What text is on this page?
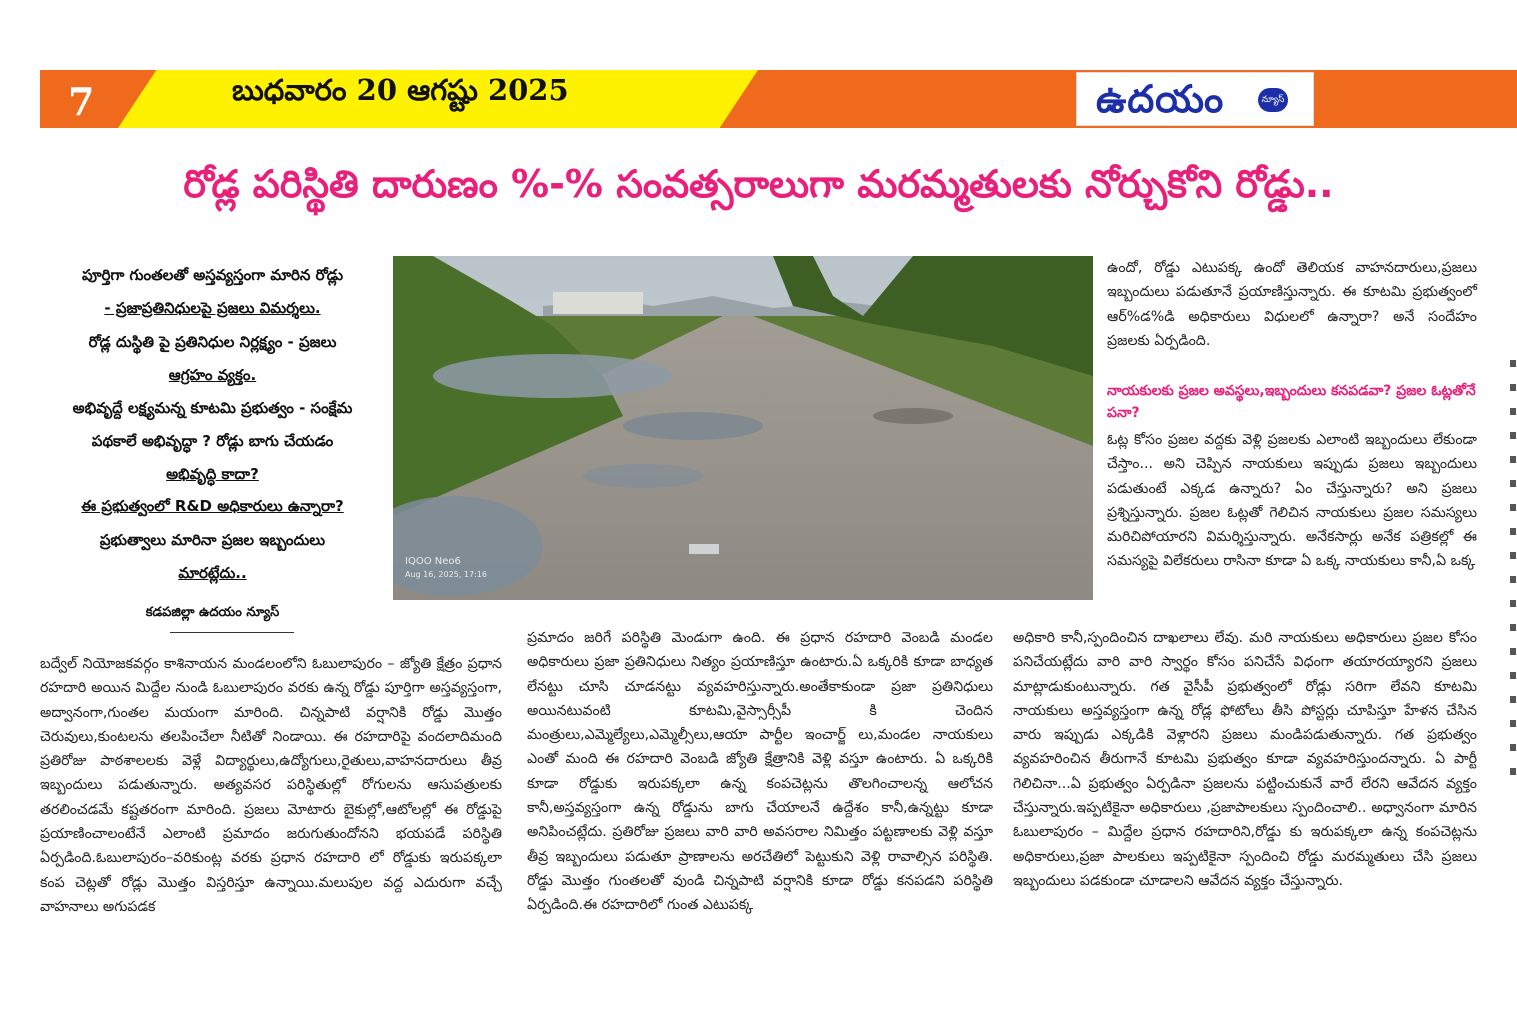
7	బుధవారం 20 ఆగష్టు 2025	ఉదయం	న్యూస్
రోడ్ల పరిస్థితి దారుణం %-% సంవత్సరాలుగా మరమ్మతులకు నోర్చుకోని రోడ్డు..
పూర్తిగా గుంతలతో అస్తవ్యస్తంగా మారిన రోడ్లు
- ప్రజాప్రతినిధులపై ప్రజలు విమర్శలు.
రోడ్ల దుస్థితి పై ప్రతినిధుల నిర్లక్ష్యం - ప్రజలు
ఆగ్రహం వ్యక్తం.
అభివృద్దే లక్ష్యమన్న కూటమి ప్రభుత్వం - సంక్షేమ
పథకాలే అభివృద్ధా ? రోడ్లు బాగు చేయడం
అభివృద్ధి కాదా?
ఈ ప్రభుత్వంలో R&D అధికారులు ఉన్నారా?
ప్రభుత్వాలు మారినా ప్రజల ఇబ్బందులు
మారట్లేదు..
కడపజిల్లా ఉదయం న్యూస్
IQOO Neo6
Aug 16, 2025, 17:16
బద్వేల్ నియోజకవర్గం కాశినాయన మండలంలోని ఓబులాపురం – జ్యోతి క్షేత్రం ప్రధాన రహదారి అయిన మిద్దేల నుండి ఓబులాపురం వరకు ఉన్న రోడ్డు పూర్తిగా అస్తవ్యస్తంగా, అద్వానంగా,గుంతల మయంగా మారింది. చిన్నపాటి వర్షానికి రోడ్డు మొత్తం చెరువులు,కుంటలను తలపించేలా నీటితో నిండాయి. ఈ రహదారిపై వందలాదిమంది ప్రతిరోజు పాఠశాలలకు వెళ్లే విద్యార్థులు,ఉద్యోగులు,రైతులు,వాహనదారులు తీవ్ర ఇబ్బందులు పడుతున్నారు. అత్యవసర పరిస్థితుల్లో రోగులను ఆసుపత్రులకు తరలించడమే కష్టతరంగా మారింది. ప్రజలు మోటారు బైకుల్లో,ఆటోలల్లో ఈ రోడ్డుపై ప్రయాణించాలంటేనే ఎలాంటి ప్రమాదం జరుగుతుందోనని భయపడే పరిస్థితి ఏర్పడింది.ఓబులాపురం–వరికుంట్ల వరకు ప్రధాన రహదారి లో రోడ్డుకు ఇరుపక్కలా కంప చెట్లతో రోడ్లు మొత్తం విస్తరిస్తూ ఉన్నాయి.మలుపుల వద్ద ఎదురుగా వచ్చే వాహనాలు అగుపడక
ప్రమాదం జరిగే పరిస్థితి మెండుగా ఉంది. ఈ ప్రధాన రహదారి వెంబడి మండల అధికారులు ప్రజా ప్రతినిధులు నిత్యం ప్రయాణిస్తూ ఉంటారు.ఏ ఒక్కరికి కూడా బాధ్యత లేనట్టు చూసి చూడనట్టు వ్యవహరిస్తున్నారు.అంతేకాకుండా ప్రజా ప్రతినిధులు అయినటువంటి కూటమి,వైస్సార్సీపీ కి చెందిన మంత్రులు,ఎమ్మెల్యేలు,ఎమ్మెల్సీలు,ఆయా పార్టీల ఇంచార్జ్ లు,మండల నాయకులు ఎంతో మంది ఈ రహదారి వెంబడి జ్యోతి క్షేత్రానికి వెళ్లి వస్తూ ఉంటారు. ఏ ఒక్కరికి కూడా రోడ్డుకు ఇరుపక్కలా ఉన్న కంపచెట్లను తొలగించాలన్న ఆలోచన కానీ,అస్తవ్యస్తంగా ఉన్న రోడ్డును బాగు చేయాలనే ఉద్దేశం కానీ,ఉన్నట్టు కూడా అనిపించట్లేదు. ప్రతిరోజు ప్రజలు వారి వారి అవసరాల నిమిత్తం పట్టణాలకు వెళ్లి వస్తూ తీవ్ర ఇబ్బందులు పడుతూ ప్రాణాలను అరచేతిలో పెట్టుకుని వెళ్లి రావాల్సిన పరిస్థితి. రోడ్డు మొత్తం గుంతలతో వుండి చిన్నపాటి వర్షానికి కూడా రోడ్డు కనపడని పరిస్థితి ఏర్పడింది.ఈ రహదారిలో గుంత ఎటుపక్క
ఉందో, రోడ్డు ఎటుపక్క ఉందో తెలియక వాహనదారులు,ప్రజలు ఇబ్బందులు పడుతూనే ప్రయాణిస్తున్నారు. ఈ కూటమి ప్రభుత్వంలో ఆర్%డ%డి అధికారులు విధులలో ఉన్నారా? అనే సందేహం ప్రజలకు ఏర్పడింది.
నాయకులకు ప్రజల అవస్థలు,ఇబ్బందులు కనపడవా? ప్రజల ఓట్లతోనే పనా?
ఓట్ల కోసం ప్రజల వద్దకు వెళ్లి ప్రజలకు ఎలాంటి ఇబ్బందులు లేకుండా చేస్తాం... అని చెప్పిన నాయకులు ఇప్పుడు ప్రజలు ఇబ్బందులు పడుతుంటే ఎక్కడ ఉన్నారు? ఏం చేస్తున్నారు? అని ప్రజలు ప్రశ్నిస్తున్నారు. ప్రజల ఓట్లతో గెలిచిన నాయకులు ప్రజల సమస్యలు మరిచిపోయారని విమర్శిస్తున్నారు. అనేకసార్లు అనేక పత్రికల్లో ఈ సమస్యపై విలేకరులు రాసినా కూడా ఏ ఒక్క నాయకులు కానీ,ఏ ఒక్క
అధికారి కానీ,స్పందించిన దాఖలాలు లేవు. మరి నాయకులు అధికారులు ప్రజల కోసం పనిచేయట్లేదు వారి వారి స్వార్థం కోసం పనిచేసే విధంగా తయారయ్యారని ప్రజలు మాట్లాడుకుంటున్నారు. గత వైసీపీ ప్రభుత్వంలో రోడ్లు సరిగా లేవని కూటమి నాయకులు అస్తవ్యస్తంగా ఉన్న రోడ్ల ఫోటోలు తీసి పోస్టర్లు చూపిస్తూ హేళన చేసిన వారు ఇప్పుడు ఎక్కడికి వెళ్లారని ప్రజలు మండిపడుతున్నారు. గత ప్రభుత్వం వ్యవహరించిన తీరుగానే కూటమి ప్రభుత్వం కూడా వ్యవహరిస్తుందన్నారు. ఏ పార్టీ గెలిచినా...ఏ ప్రభుత్వం ఏర్పడినా ప్రజలను పట్టించుకునే వారే లేరని ఆవేదన వ్యక్తం చేస్తున్నారు.ఇప్పటికైనా అధికారులు ,ప్రజాపాలకులు స్పందించాలి.. అధ్వానంగా మారిన ఓబులాపురం – మిద్దేల ప్రధాన రహదారిని,రోడ్డు కు ఇరుపక్కలా ఉన్న కంపచెట్లను అధికారులు,ప్రజా పాలకులు ఇప్పటికైనా స్పందించి రోడ్డు మరమ్మతులు చేసి ప్రజలు ఇబ్బందులు పడకుండా చూడాలని ఆవేదన వ్యక్తం చేస్తున్నారు.
